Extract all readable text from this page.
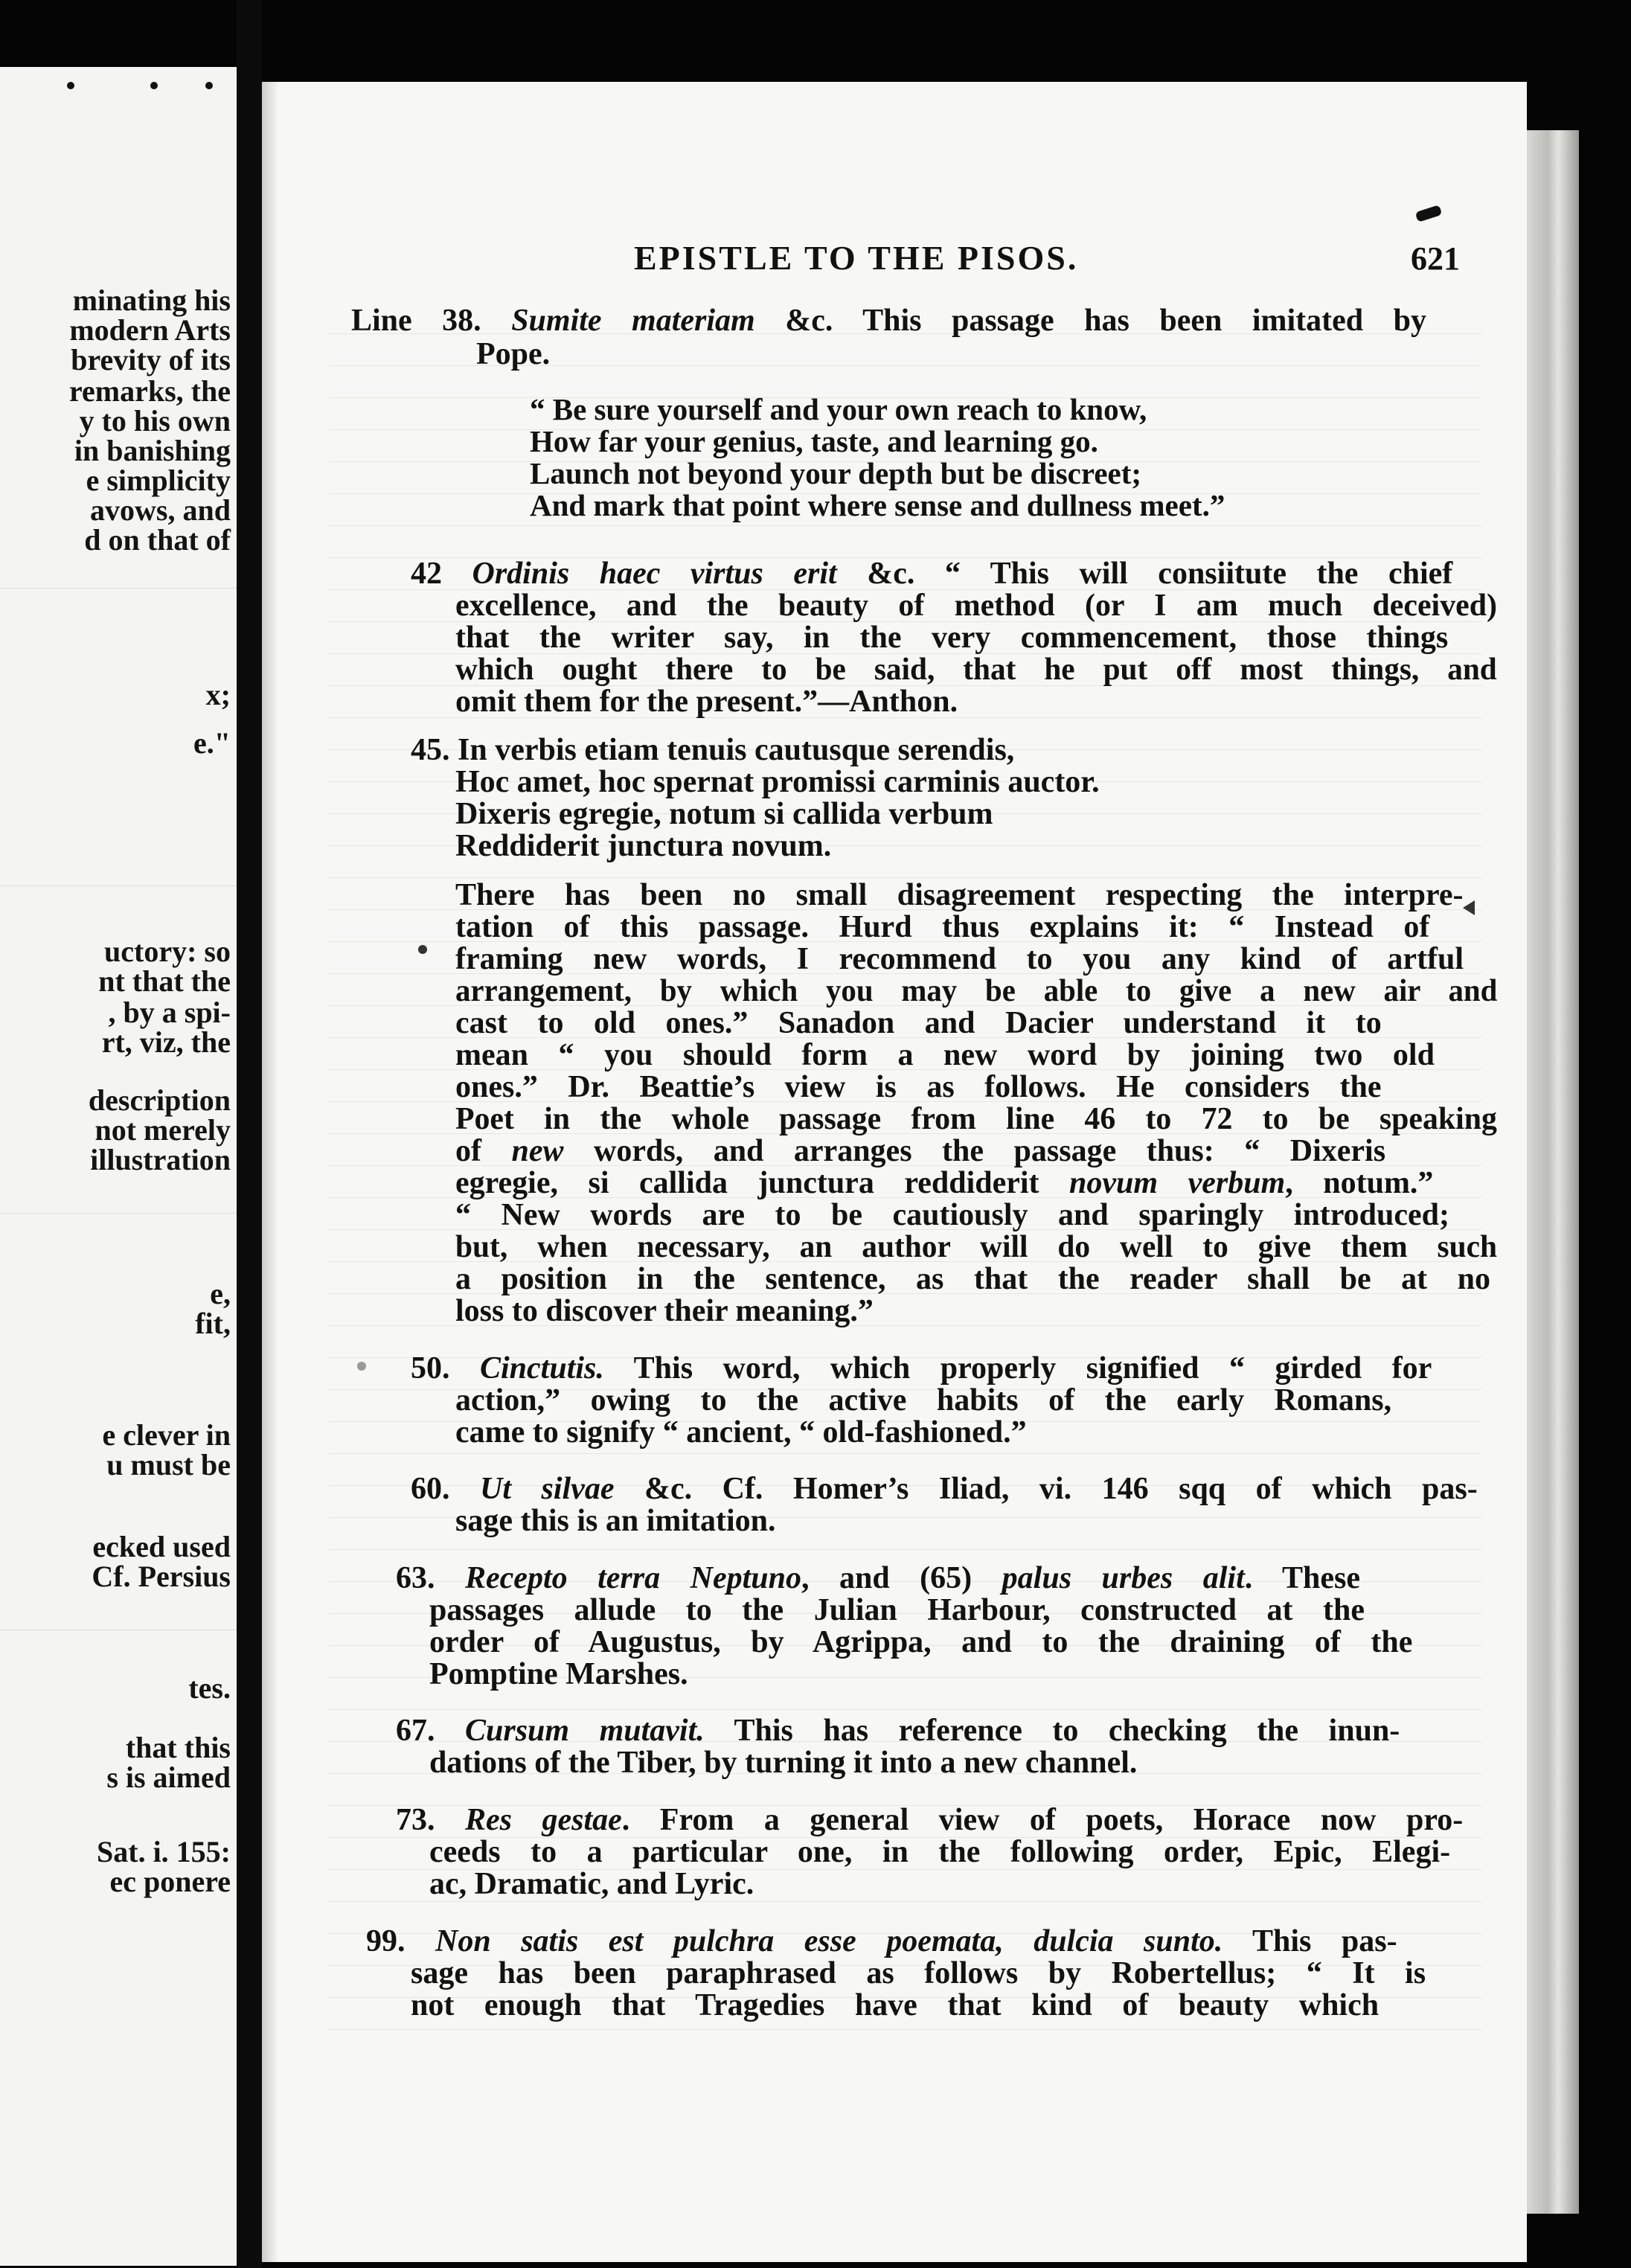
minating his
modern Arts
brevity of its
remarks, the
y to his own
in banishing
e simplicity
avows, and
d on that of
x;
e."
uctory: so
nt that the
, by a spi-
rt, viz, the
description
not merely
illustration
e,
fit,
e clever in
u must be
ecked used
Cf. Persius
tes.
that this
s is aimed
Sat. i. 155:
ec ponere
EPISTLE TO THE PISOS.	621
Line 38. Sumite materiam &c. This passage has been imitated by
Pope.
“ Be sure yourself and your own reach to know,
How far your genius, taste, and learning go.
Launch not beyond your depth but be discreet;
And mark that point where sense and dullness meet.”
42 Ordinis haec virtus erit &c. “ This will consiitute the chief
excellence, and the beauty of method (or I am much deceived)
that the writer say, in the very commencement, those things
which ought there to be said, that he put off most things, and
omit them for the present.”—Anthon.
45. In verbis etiam tenuis cautusque serendis,
Hoc amet, hoc spernat promissi carminis auctor.
Dixeris egregie, notum si callida verbum
Reddiderit junctura novum.
There has been no small disagreement respecting the interpre-
tation of this passage. Hurd thus explains it: “ Instead of
framing new words, I recommend to you any kind of artful
arrangement, by which you may be able to give a new air and
cast to old ones.” Sanadon and Dacier understand it to
mean “ you should form a new word by joining two old
ones.” Dr. Beattie’s view is as follows. He considers the
Poet in the whole passage from line 46 to 72 to be speaking
of new words, and arranges the passage thus: “ Dixeris
egregie, si callida junctura reddiderit novum verbum, notum.”
“ New words are to be cautiously and sparingly introduced;
but, when necessary, an author will do well to give them such
a position in the sentence, as that the reader shall be at no
loss to discover their meaning.”
50. Cinctutis. This word, which properly signified “ girded for
action,” owing to the active habits of the early Romans,
came to signify “ ancient, “ old-fashioned.”
60. Ut silvae &c. Cf. Homer’s Iliad, vi. 146 sqq of which pas-
sage this is an imitation.
63. Recepto terra Neptuno, and (65) palus urbes alit. These
passages allude to the Julian Harbour, constructed at the
order of Augustus, by Agrippa, and to the draining of the
Pomptine Marshes.
67. Cursum mutavit. This has reference to checking the inun-
dations of the Tiber, by turning it into a new channel.
73. Res gestae. From a general view of poets, Horace now pro-
ceeds to a particular one, in the following order, Epic, Elegi-
ac, Dramatic, and Lyric.
99. Non satis est pulchra esse poemata, dulcia sunto. This pas-
sage has been paraphrased as follows by Robertellus; “ It is
not enough that Tragedies have that kind of beauty which
